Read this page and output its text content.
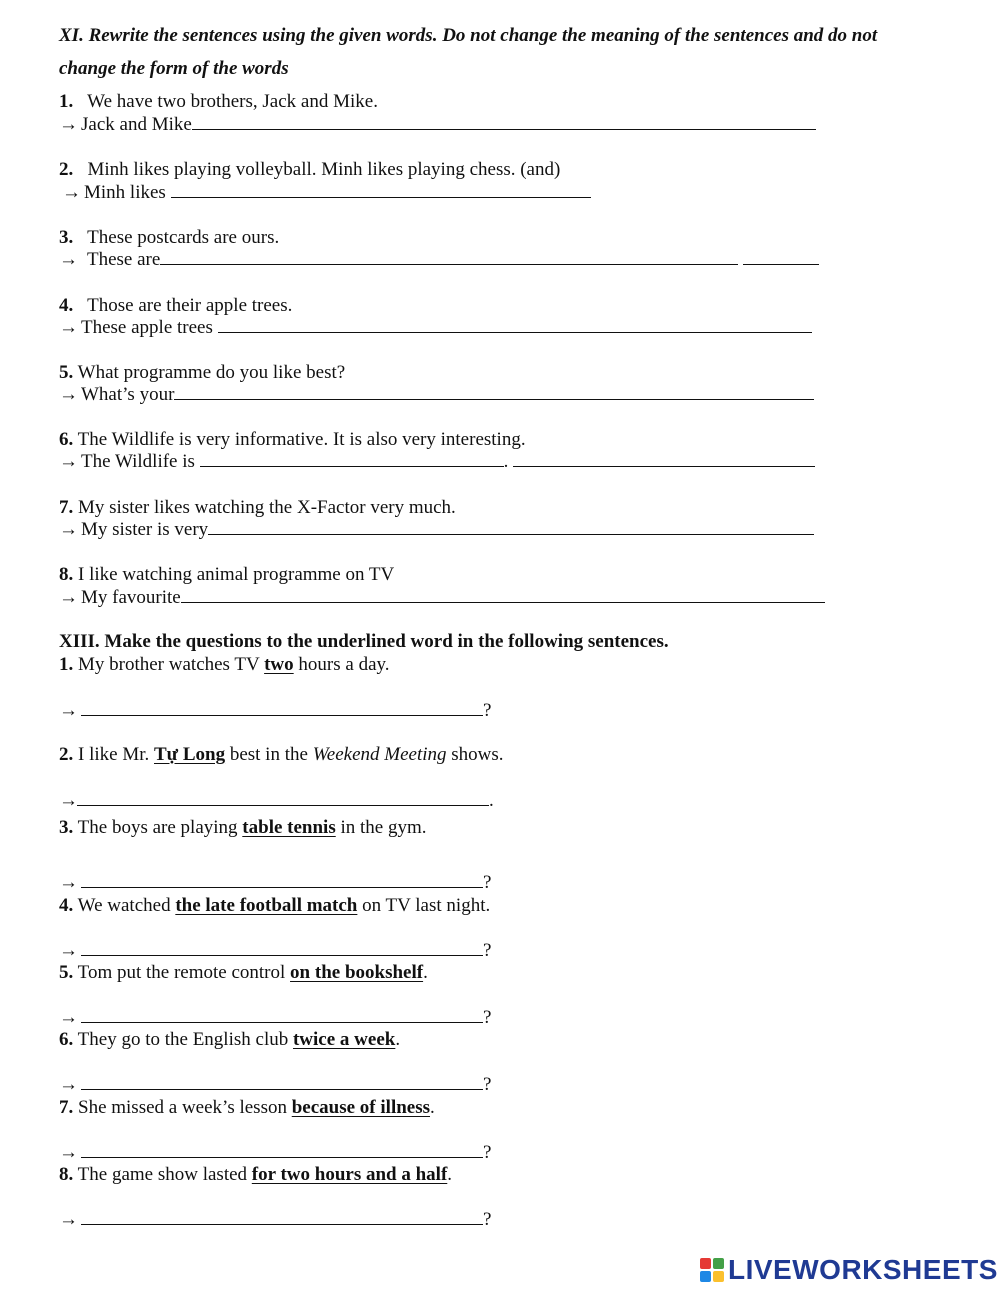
XI. Rewrite the sentences using the given words. Do not change the meaning of the sentences and do not
change the form of the words
1. We have two brothers, Jack and Mike.
→ Jack and Mike
2. Minh likes playing volleyball. Minh likes playing chess. (and)
→ Minh likes
3. These postcards are ours.
→ These are
4. Those are their apple trees.
→ These apple trees
5. What programme do you like best?
→ What’s your
6. The Wildlife is very informative. It is also very interesting.
→ The Wildlife is	.
7. My sister likes watching the X-Factor very much.
→ My sister is very
8. I like watching animal programme on TV
→ My favourite
XIII. Make the questions to the underlined word in the following sentences.
1. My brother watches TV two hours a day.
→	?
2. I like Mr. Tự Long best in the Weekend Meeting shows.
→	.
3. The boys are playing table tennis in the gym.
→	?
4. We watched the late football match on TV last night.
→	?
5. Tom put the remote control on the bookshelf.
→	?
6. They go to the English club twice a week.
→	?
7. She missed a week’s lesson because of illness.
→	?
8. The game show lasted for two hours and a half.
→	?
LIVEWORKSHEETS
